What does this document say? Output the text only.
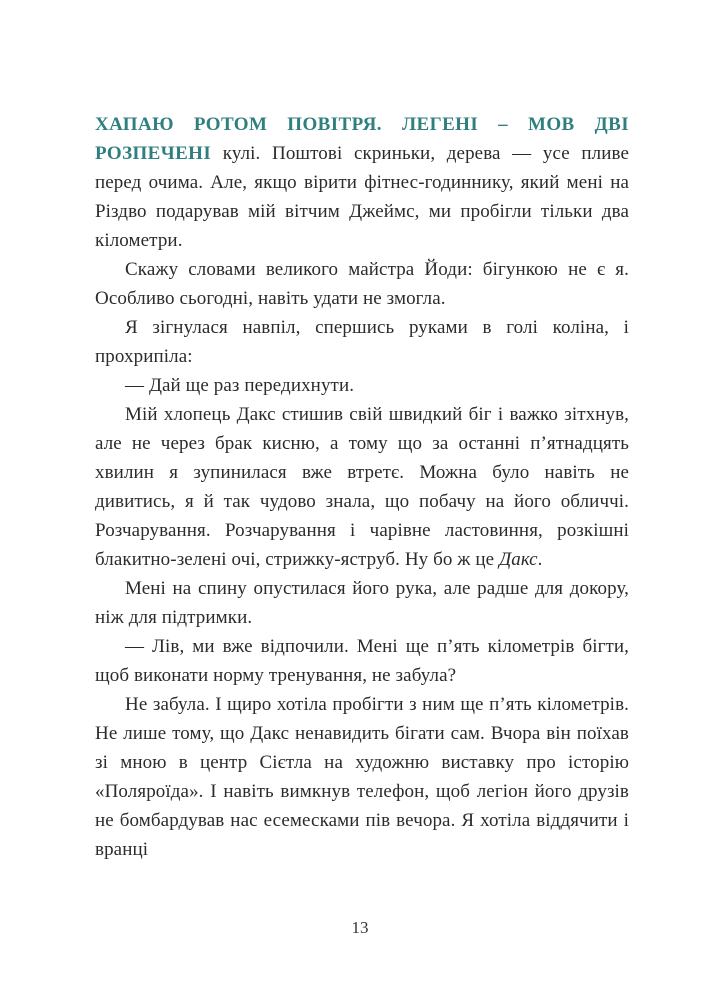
ХАПАЮ РОТОМ ПОВІТРЯ. ЛЕГЕНІ – МОВ ДВІ РОЗПЕЧЕНІ кулі. Поштові скриньки, дерева — усе пливе перед очима. Але, якщо вірити фітнес-годиннику, який мені на Різдво подарував мій вітчим Джеймс, ми пробігли тільки два кілометри.

Скажу словами великого майстра Йоди: бігункою не є я. Особливо сьогодні, навіть удати не змогла.

Я зігнулася навпіл, спершись руками в голі коліна, і прохрипіла:

— Дай ще раз передихнути.

Мій хлопець Дакс стишив свій швидкий біг і важко зітхнув, але не через брак кисню, а тому що за останні п’ятнадцять хвилин я зупинилася вже втретє. Можна було навіть не дивитись, я й так чудово знала, що побачу на його обличчі. Розчарування. Розчарування і чарівне ластовиння, розкішні блакитно-зелені очі, стрижку-яструб. Ну бо ж це Дакс.

Мені на спину опустилася його рука, але радше для докору, ніж для підтримки.

— Лів, ми вже відпочили. Мені ще п’ять кілометрів бігти, щоб виконати норму тренування, не забула?

Не забула. І щиро хотіла пробігти з ним ще п’ять кілометрів. Не лише тому, що Дакс ненавидить бігати сам. Вчора він поїхав зі мною в центр Сієтла на художню виставку про історію «Поляроїда». І навіть вимкнув телефон, щоб легіон його друзів не бомбардував нас есемесками пів вечора. Я хотіла віддячити і вранці

13
